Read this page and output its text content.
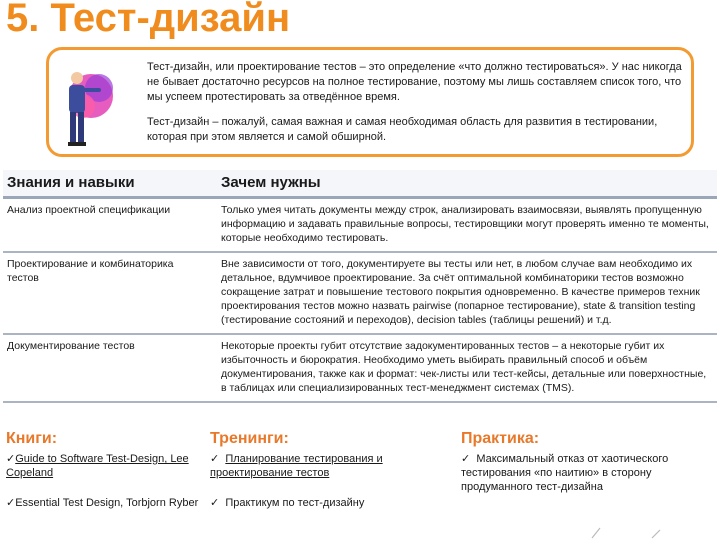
5. Тест-дизайн

Тест-дизайн, или проектирование тестов – это определение «что должно тестироваться». У нас никогда не бывает достаточно ресурсов на полное тестирование, поэтому мы лишь составляем список того, что мы успеем протестировать за отведённое время.

Тест-дизайн – пожалуй, самая важная и самая необходимая область для развития в тестировании, которая при этом является и самой обширной.

Знания и навыки	Зачем нужны
Анализ проектной спецификации	Только умея читать документы между строк, анализировать взаимосвязи, выявлять пропущенную информацию и задавать правильные вопросы, тестировщики могут проверять именно те моменты, которые необходимо тестировать.
Проектирование и комбинаторика тестов	Вне зависимости от того, документируете вы тесты или нет, в любом случае вам необходимо их детальное, вдумчивое проектирование. За счёт оптимальной комбинаторики тестов возможно сокращение затрат и повышение тестового покрытия одновременно. В качестве примеров техник проектирования тестов можно назвать pairwise (попарное тестирование), state & transition testing (тестирование состояний и переходов), decision tables (таблицы решений) и т.д.
Документирование тестов	Некоторые проекты губит отсутствие задокументированных тестов – а некоторые губит их избыточность и бюрократия. Необходимо уметь выбирать правильный способ и объём документирования, также как и формат: чек-листы или тест-кейсы, детальные или поверхностные, в таблицах или специализированных тест-менеджмент системах (TMS).
Книги:
✓Guide to Software Test-Design, Lee Copeland
✓Essential Test Design, Torbjorn Ryber
Тренинги:
✓ Планирование тестирования и проектирование тестов
✓ Практикум по тест-дизайну
Практика:
✓ Максимальный отказ от хаотического тестирования «по наитию» в сторону продуманного тест-дизайна
